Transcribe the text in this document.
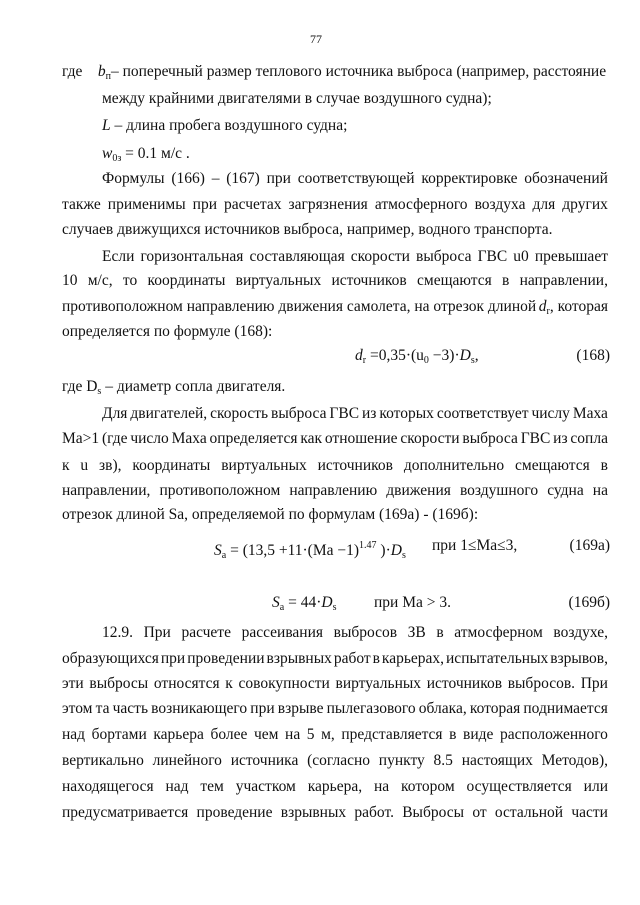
77
где $b_п-$ поперечный размер теплового источника выброса (например, расстояние
между крайними двигателями в случае воздушного судна);
L – длина пробега воздушного судна;
$w_{0з} = 0.1$ м/с .
Формулы (166) – (167) при соответствующей корректировке обозначений
также применимы при расчетах загрязнения атмосферного воздуха для других
случаев движущихся источников выброса, например, водного транспорта.
Если горизонтальная составляющая скорости выброса ГВС u0 превышает
10 м/с, то координаты виртуальных источников смещаются в направлении,
противоположном направлению движения самолета, на отрезок длиной $d_r$, которая
определяется по формуле (168):
$d_r =0,35\cdot(u_0 -3)\cdot D_s$,	(168)
где $D_s$ – диаметр сопла двигателя.
Для двигателей, скорость выброса ГВС из которых соответствует числу Маха
Ma>1 (где число Маха определяется как отношение скорости выброса ГВС из сопла
к u зв), координаты виртуальных источников дополнительно смещаются в
направлении, противоположном направлению движения воздушного судна на
отрезок длиной Sa, определяемой по формулам (169а) - (169б):
$S_a = (13,5 +11\cdot(Ma -1)^{1.47}$ )$\cdot D_s$
при 1≤Ma≤3,	(169а)
$S_a = 44\cdot D_s$ при Ma > 3.	(169б)
12.9. При расчете рассеивания выбросов ЗВ в атмосферном воздухе,
образующихся при проведении взрывных работ в карьерах, испытательных взрывов,
эти выбросы относятся к совокупности виртуальных источников выбросов. При
этом та часть возникающего при взрыве пылегазового облака, которая поднимается
над бортами карьера более чем на 5 м, представляется в виде расположенного
вертикально линейного источника (согласно пункту 8.5 настоящих Методов),
находящегося над тем участком карьера, на котором осуществляется или
предусматривается проведение взрывных работ. Выбросы от остальной части
